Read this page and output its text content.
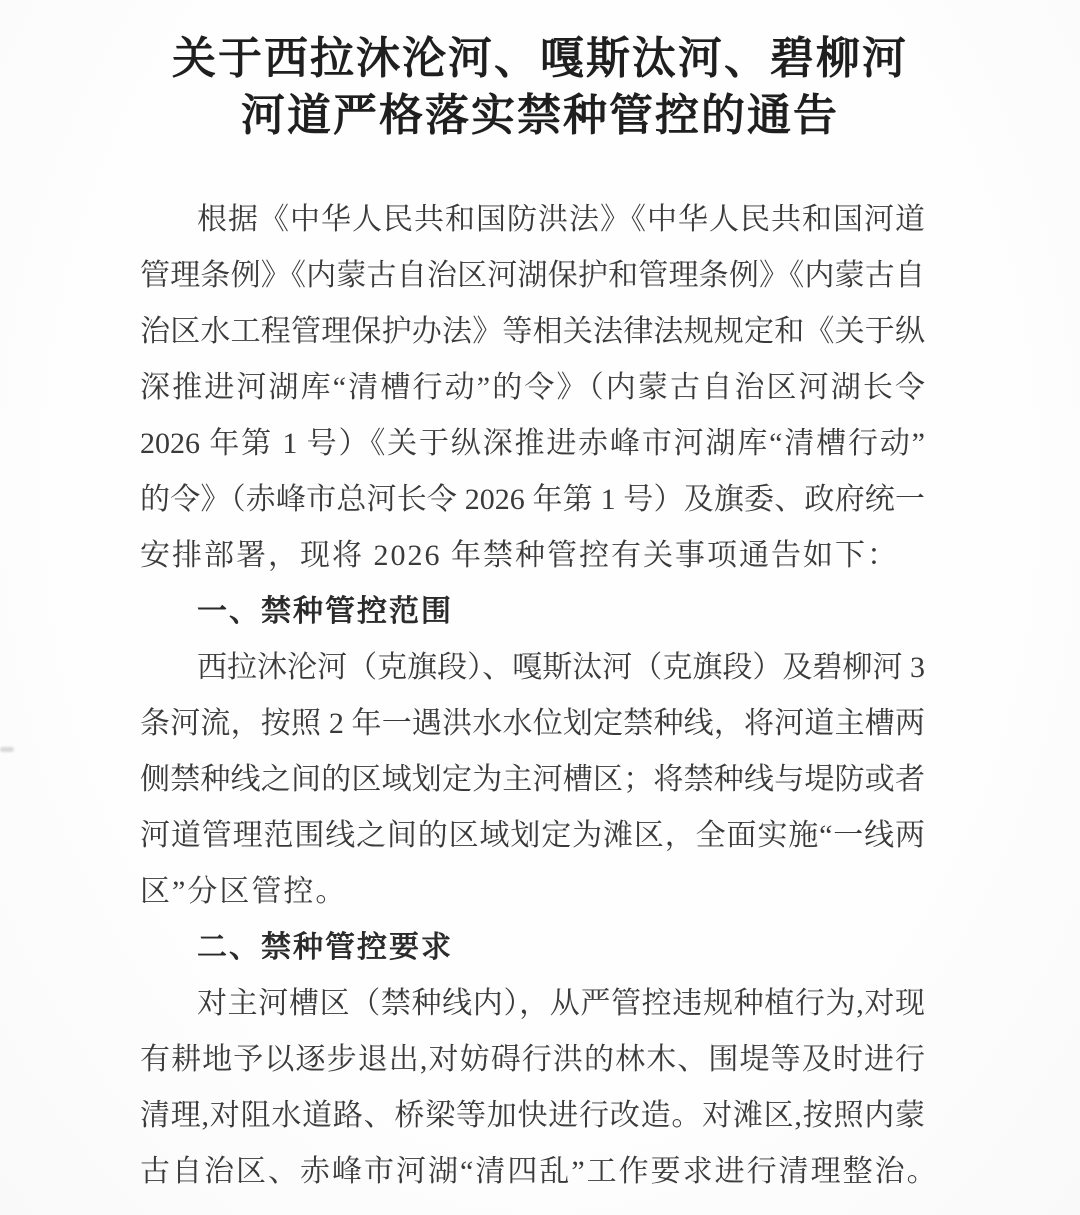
关于西拉沐沦河、嘎斯汰河、碧柳河
河道严格落实禁种管控的通告
根据《中华人民共和国防洪法》《中华人民共和国河道
管理条例》《内蒙古自治区河湖保护和管理条例》《内蒙古自
治区水工程管理保护办法》等相关法律法规规定和《关于纵
深推进河湖库“清槽行动”的令》（内蒙古自治区河湖长令
2026 年第 1 号）《关于纵深推进赤峰市河湖库“清槽行动”
的令》（赤峰市总河长令 2026 年第 1 号）及旗委、政府统一
安排部署，现将 2026 年禁种管控有关事项通告如下：
一、禁种管控范围
西拉沐沦河（克旗段）、嘎斯汰河（克旗段）及碧柳河 3
条河流，按照 2 年一遇洪水水位划定禁种线，将河道主槽两
侧禁种线之间的区域划定为主河槽区；将禁种线与堤防或者
河道管理范围线之间的区域划定为滩区，全面实施“一线两
区”分区管控。
二、禁种管控要求
对主河槽区（禁种线内），从严管控违规种植行为,对现
有耕地予以逐步退出,对妨碍行洪的林木、围堤等及时进行
清理,对阻水道路、桥梁等加快进行改造。对滩区,按照内蒙
古自治区、赤峰市河湖“清四乱”工作要求进行清理整治。
